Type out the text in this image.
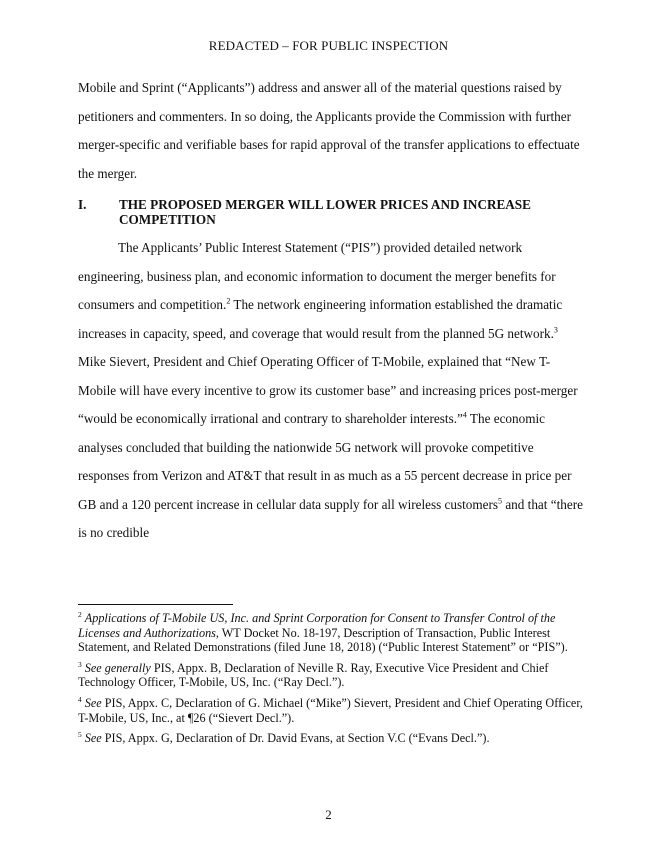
REDACTED – FOR PUBLIC INSPECTION
Mobile and Sprint (“Applicants”) address and answer all of the material questions raised by petitioners and commenters. In so doing, the Applicants provide the Commission with further merger-specific and verifiable bases for rapid approval of the transfer applications to effectuate the merger.
I. THE PROPOSED MERGER WILL LOWER PRICES AND INCREASE COMPETITION
The Applicants’ Public Interest Statement (“PIS”) provided detailed network engineering, business plan, and economic information to document the merger benefits for consumers and competition.$^2$ The network engineering information established the dramatic increases in capacity, speed, and coverage that would result from the planned 5G network.$^3$ Mike Sievert, President and Chief Operating Officer of T-Mobile, explained that “New T-Mobile will have every incentive to grow its customer base” and increasing prices post-merger “would be economically irrational and contrary to shareholder interests.”$^4$ The economic analyses concluded that building the nationwide 5G network will provoke competitive responses from Verizon and AT&T that result in as much as a 55 percent decrease in price per GB and a 120 percent increase in cellular data supply for all wireless customers$^5$ and that “there is no credible

$^2$ Applications of T-Mobile US, Inc. and Sprint Corporation for Consent to Transfer Control of the Licenses and Authorizations, WT Docket No. 18-197, Description of Transaction, Public Interest Statement, and Related Demonstrations (filed June 18, 2018) (“Public Interest Statement” or “PIS”).

$^3$ See generally PIS, Appx. B, Declaration of Neville R. Ray, Executive Vice President and Chief Technology Officer, T-Mobile, US, Inc. (“Ray Decl.”).

$^4$ See PIS, Appx. C, Declaration of G. Michael (“Mike”) Sievert, President and Chief Operating Officer, T-Mobile, US, Inc., at ¶26 (“Sievert Decl.”).

$^5$ See PIS, Appx. G, Declaration of Dr. David Evans, at Section V.C (“Evans Decl.”).

2
